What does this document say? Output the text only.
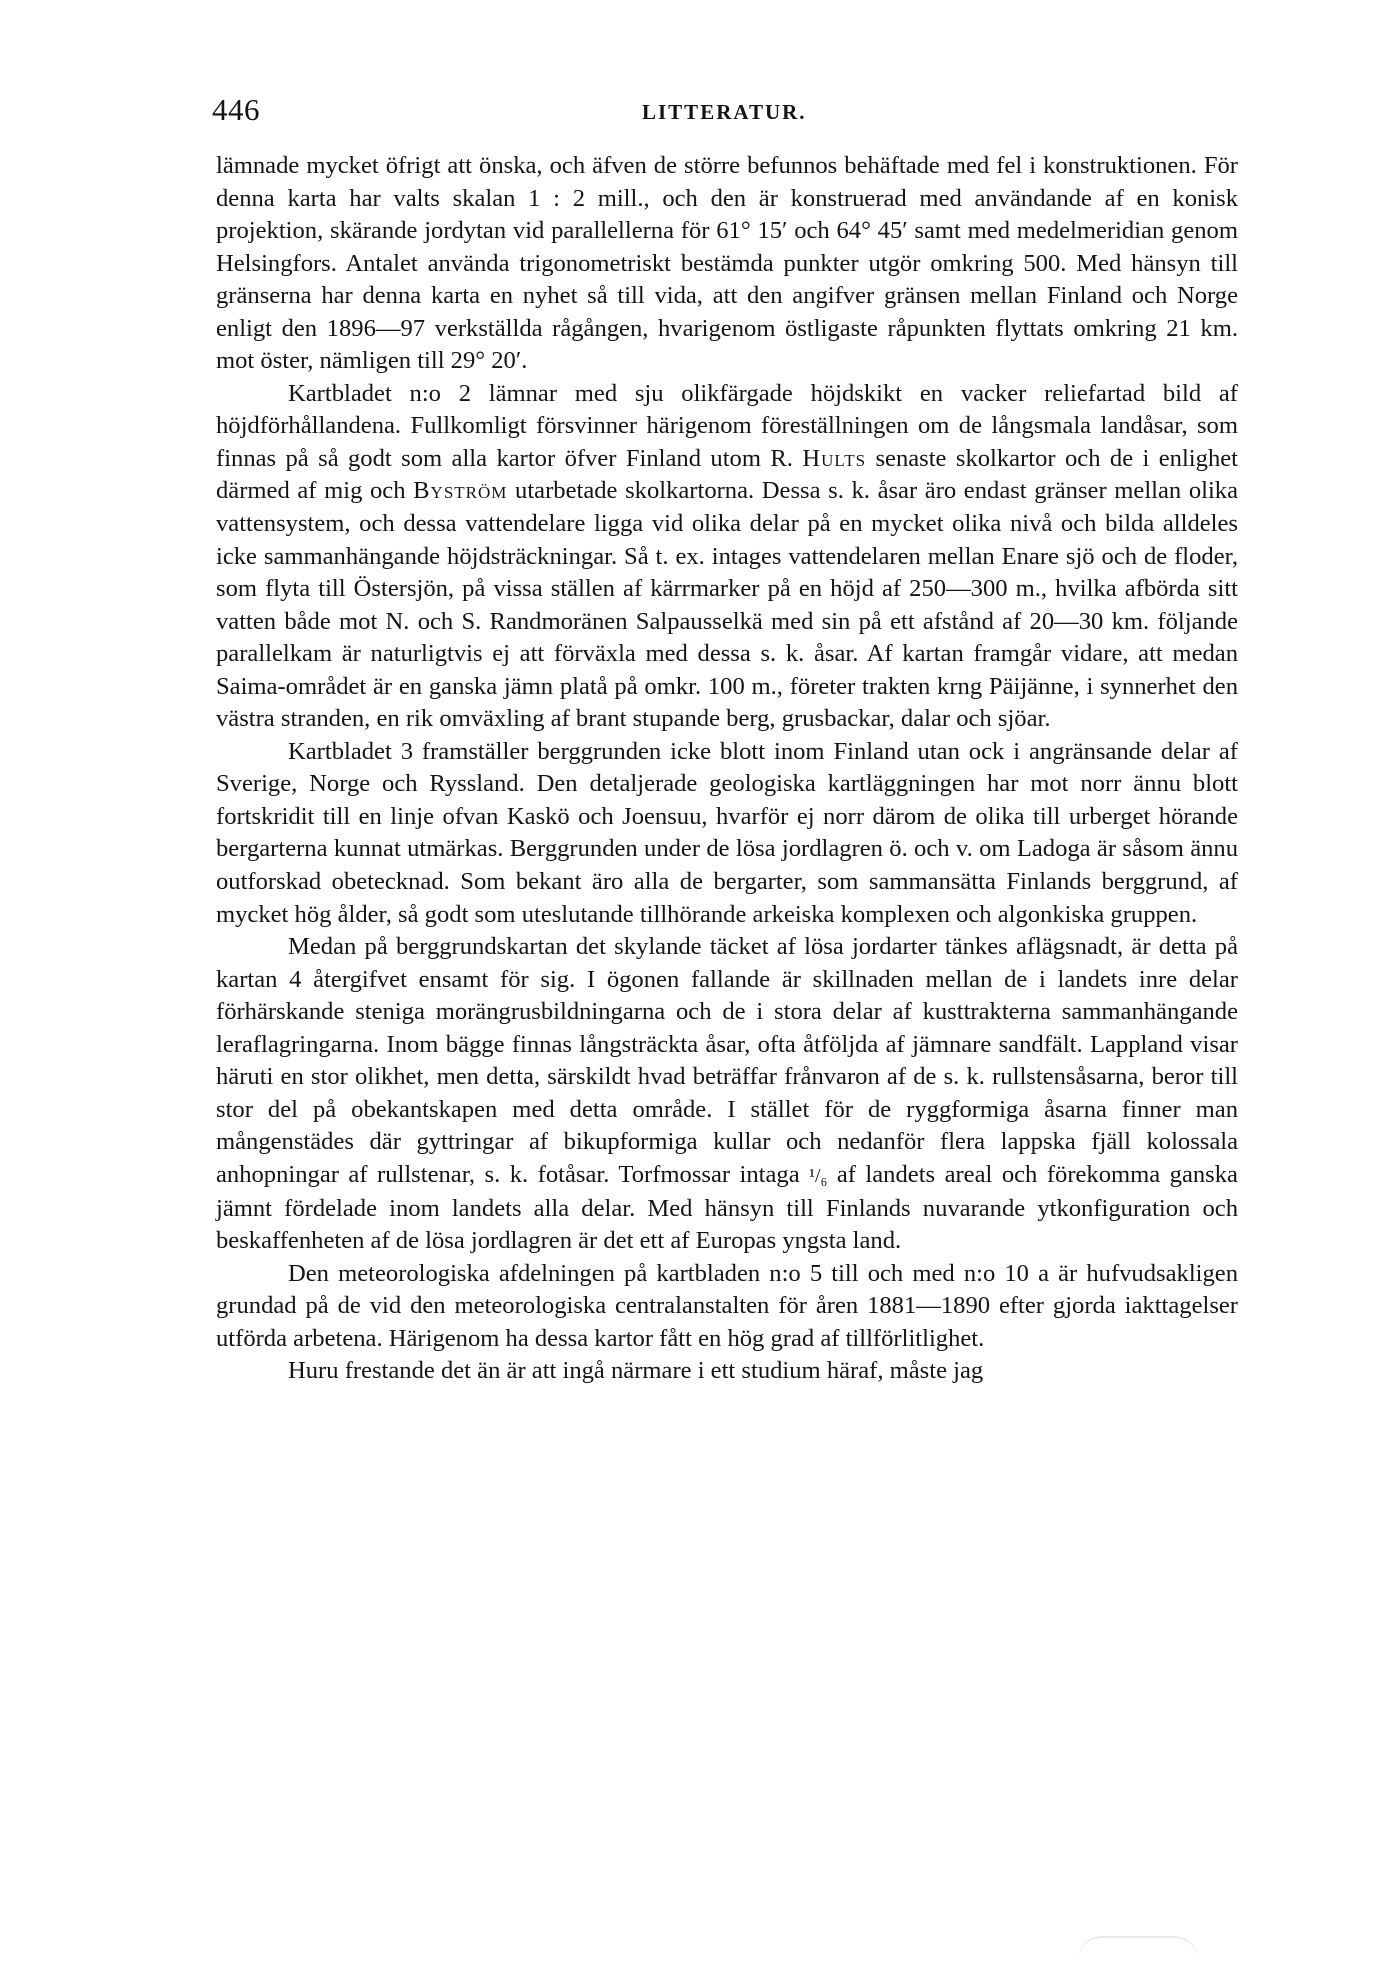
446	LITTERATUR.

lämnade mycket öfrigt att önska, och äfven de större befunnos behäftade med fel i konstruktionen. För denna karta har valts skalan 1 : 2 mill., och den är konstruerad med användande af en konisk projektion, skärande jordytan vid parallellerna för 61° 15′ och 64° 45′ samt med medelmeridian genom Helsingfors. Antalet använda trigonometriskt bestämda punkter utgör omkring 500. Med hänsyn till gränserna har denna karta en nyhet så till vida, att den angifver gränsen mellan Finland och Norge enligt den 1896—97 verkställda rågången, hvarigenom östligaste råpunkten flyttats omkring 21 km. mot öster, nämligen till 29° 20′.

Kartbladet n:o 2 lämnar med sju olikfärgade höjdskikt en vacker reliefartad bild af höjdförhållandena. Fullkomligt försvinner härigenom föreställningen om de långsmala landåsar, som finnas på så godt som alla kartor öfver Finland utom R. Hults senaste skolkartor och de i enlighet därmed af mig och Byström utarbetade skolkartorna. Dessa s. k. åsar äro endast gränser mellan olika vattensystem, och dessa vattendelare ligga vid olika delar på en mycket olika nivå och bilda alldeles icke sammanhängande höjdsträckningar. Så t. ex. intages vattendelaren mellan Enare sjö och de floder, som flyta till Östersjön, på vissa ställen af kärrmarker på en höjd af 250—300 m., hvilka afbörda sitt vatten både mot N. och S. Randmoränen Salpausselkä med sin på ett afstånd af 20—30 km. följande parallelkam är naturligtvis ej att förväxla med dessa s. k. åsar. Af kartan framgår vidare, att medan Saima-området är en ganska jämn platå på omkr. 100 m., företer trakten krng Päijänne, i synnerhet den västra stranden, en rik omväxling af brant stupande berg, grusbackar, dalar och sjöar.

Kartbladet 3 framställer berggrunden icke blott inom Finland utan ock i angränsande delar af Sverige, Norge och Ryssland. Den detaljerade geologiska kartläggningen har mot norr ännu blott fortskridit till en linje ofvan Kaskö och Joensuu, hvarför ej norr därom de olika till urberget hörande bergarterna kunnat utmärkas. Berggrunden under de lösa jordlagren ö. och v. om Ladoga är såsom ännu outforskad obetecknad. Som bekant äro alla de bergarter, som sammansätta Finlands berggrund, af mycket hög ålder, så godt som uteslutande tillhörande arkeiska komplexen och algonkiska gruppen.

Medan på berggrundskartan det skylande täcket af lösa jordarter tänkes aflägsnadt, är detta på kartan 4 återgifvet ensamt för sig. I ögonen fallande är skillnaden mellan de i landets inre delar förhärskande steniga morängrusbildningarna och de i stora delar af kusttrakterna sammanhängande leraflagringarna. Inom bägge finnas långsträckta åsar, ofta åtföljda af jämnare sandfält. Lappland visar häruti en stor olikhet, men detta, särskildt hvad beträffar frånvaron af de s. k. rullstensåsarna, beror till stor del på obekantskapen med detta område. I stället för de ryggformiga åsarna finner man mångenstädes där gyttringar af bikupformiga kullar och nedanför flera lappska fjäll kolossala anhopningar af rullstenar, s. k. fotåsar. Torfmossar intaga ¹/₆ af landets areal och förekomma ganska jämnt fördelade inom landets alla delar. Med hänsyn till Finlands nuvarande ytkonfiguration och beskaffenheten af de lösa jordlagren är det ett af Europas yngsta land.

Den meteorologiska afdelningen på kartbladen n:o 5 till och med n:o 10 a är hufvudsakligen grundad på de vid den meteorologiska centralanstalten för åren 1881—1890 efter gjorda iakttagelser utförda arbetena. Härigenom ha dessa kartor fått en hög grad af tillförlitlighet.

Huru frestande det än är att ingå närmare i ett studium häraf, måste jag
